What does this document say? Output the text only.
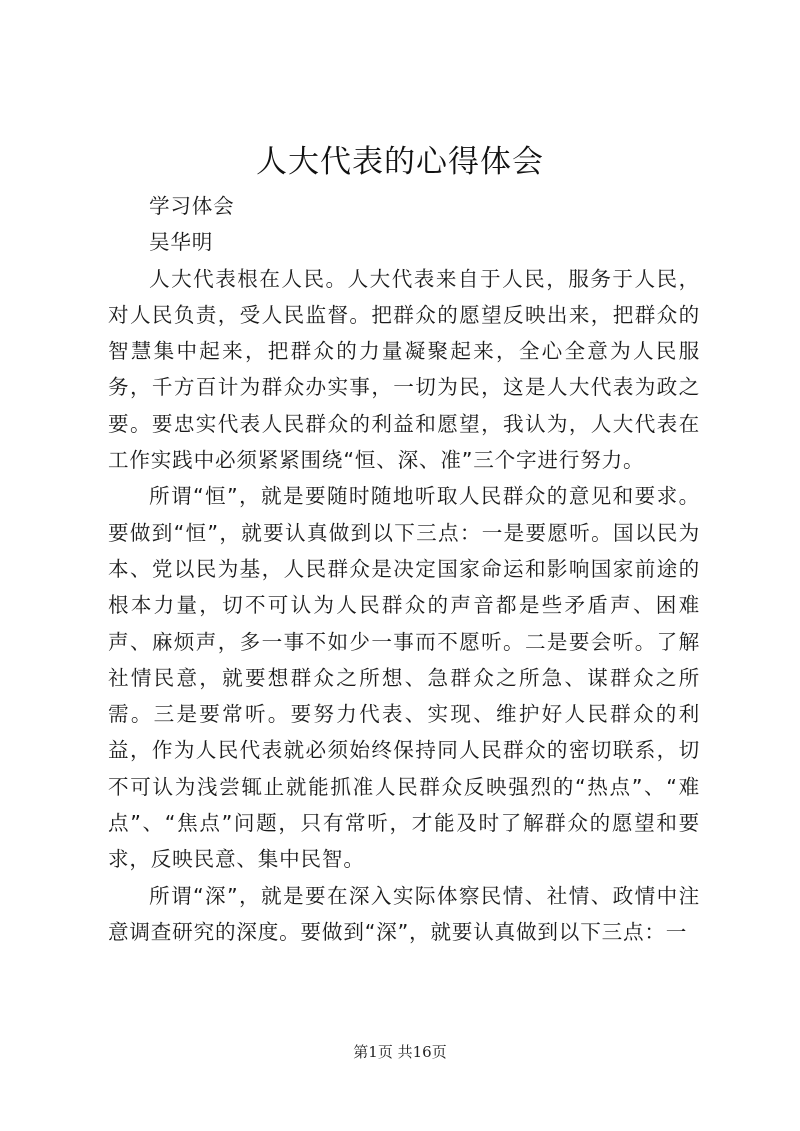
人大代表的心得体会

学习体会

吴华明

人大代表根在人民。人大代表来自于人民，服务于人民，对人民负责，受人民监督。把群众的愿望反映出来，把群众的智慧集中起来，把群众的力量凝聚起来，全心全意为人民服务，千方百计为群众办实事，一切为民，这是人大代表为政之要。要忠实代表人民群众的利益和愿望，我认为，人大代表在工作实践中必须紧紧围绕“恒、深、准”三个字进行努力。

所谓“恒”，就是要随时随地听取人民群众的意见和要求。要做到“恒”，就要认真做到以下三点：一是要愿听。国以民为本、党以民为基，人民群众是决定国家命运和影响国家前途的根本力量，切不可认为人民群众的声音都是些矛盾声、困难声、麻烦声，多一事不如少一事而不愿听。二是要会听。了解社情民意，就要想群众之所想、急群众之所急、谋群众之所需。三是要常听。要努力代表、实现、维护好人民群众的利益，作为人民代表就必须始终保持同人民群众的密切联系，切不可认为浅尝辄止就能抓准人民群众反映强烈的“热点”、“难点”、“焦点”问题，只有常听，才能及时了解群众的愿望和要求，反映民意、集中民智。

所谓“深”，就是要在深入实际体察民情、社情、政情中注意调查研究的深度。要做到“深”，就要认真做到以下三点：一

第1页 共16页
